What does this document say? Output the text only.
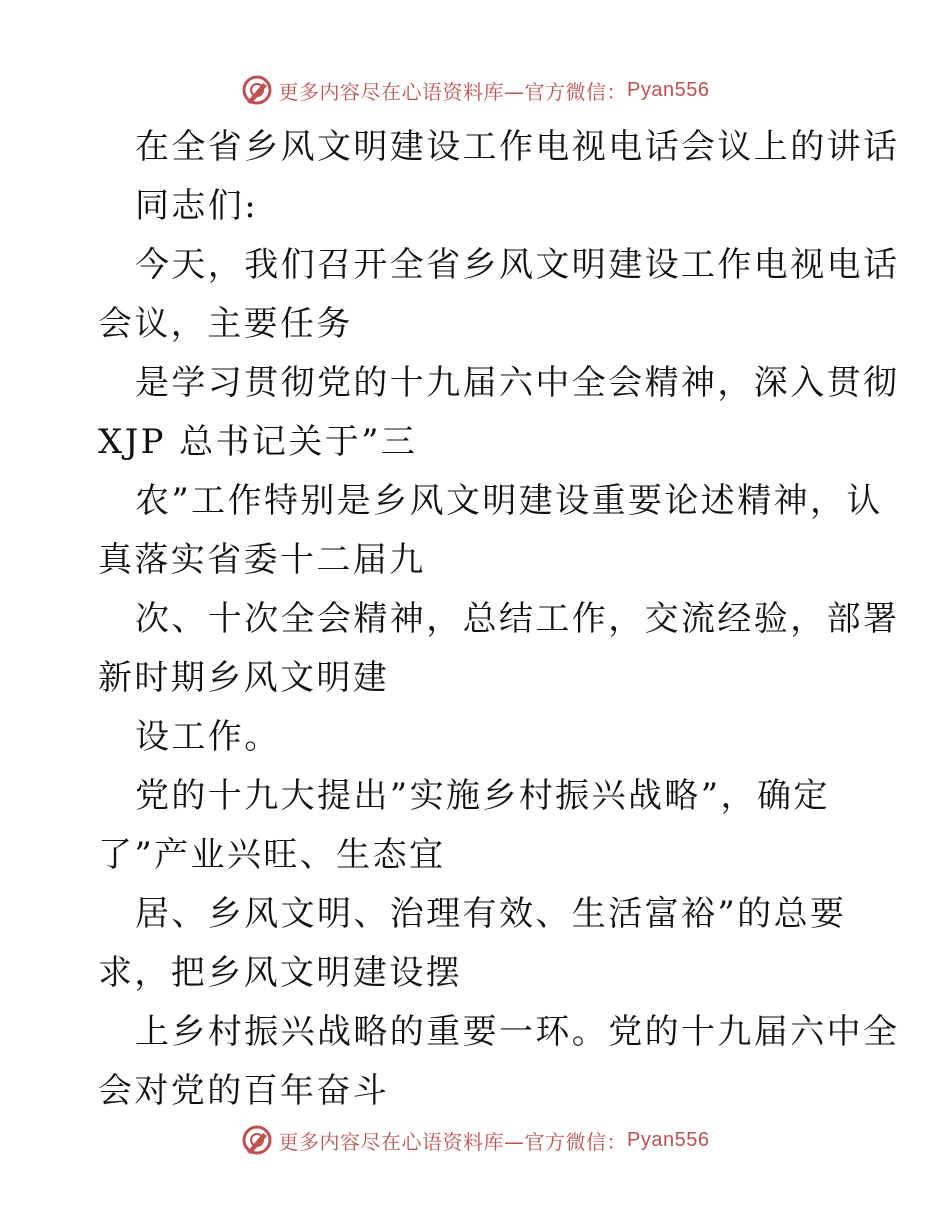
更多内容尽在心语资料库—官方微信： Pyan556
在全省乡风文明建设工作电视电话会议上的讲话
同志们:
今天，我们召开全省乡风文明建设工作电视电话
会议，主要任务
是学习贯彻党的十九届六中全会精神，深入贯彻
XJP 总书记关于”三
农”工作特别是乡风文明建设重要论述精神，认
真落实省委十二届九
次、十次全会精神，总结工作，交流经验，部署
新时期乡风文明建
设工作。
党的十九大提出”实施乡村振兴战略”，确定
了”产业兴旺、生态宜
居、乡风文明、治理有效、生活富裕”的总要
求，把乡风文明建设摆
上乡村振兴战略的重要一环。党的十九届六中全
会对党的百年奋斗
更多内容尽在心语资料库—官方微信： Pyan556
